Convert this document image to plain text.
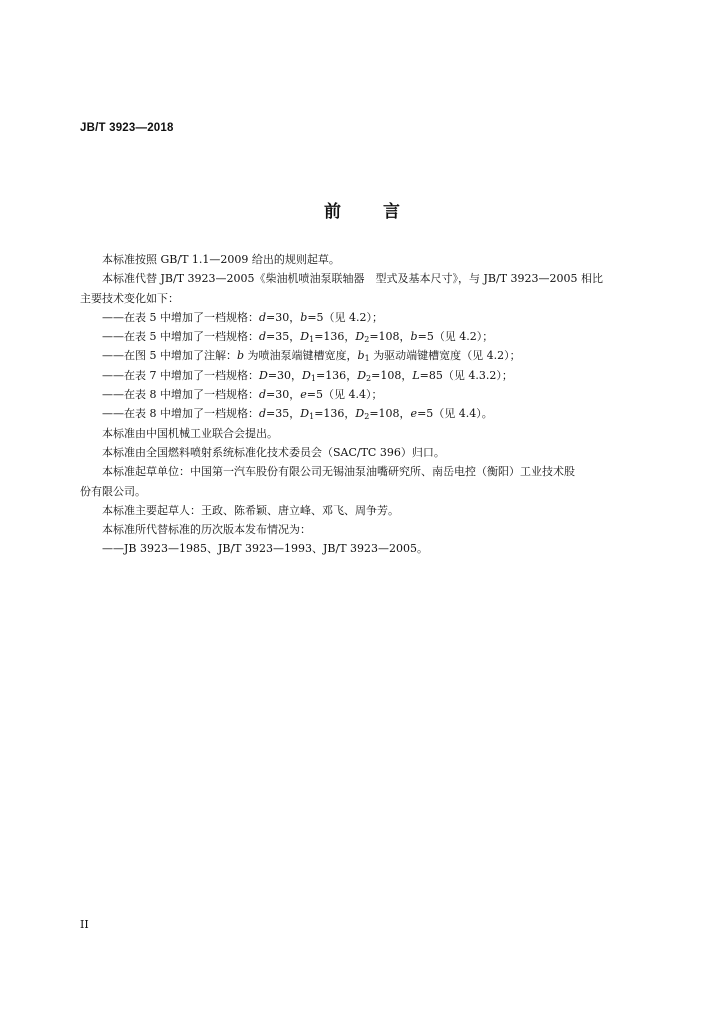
JB/T 3923—2018
前 言
本标准按照 GB/T 1.1—2009 给出的规则起草。
本标准代替 JB/T 3923—2005《柴油机喷油泵联轴器　型式及基本尺寸》，与 JB/T 3923—2005 相比
主要技术变化如下：
——在表 5 中增加了一档规格：d=30，b=5（见 4.2）；
——在表 5 中增加了一档规格：d=35，$D_1=136$，$D_2=108$，b=5（见 4.2）；
——在图 5 中增加了注解：b 为喷油泵端键槽宽度，$b_1$ 为驱动端键槽宽度（见 4.2）；
——在表 7 中增加了一档规格：D=30，$D_1=136$，$D_2=108$，L=85（见 4.3.2）；
——在表 8 中增加了一档规格：d=30，e=5（见 4.4）；
——在表 8 中增加了一档规格：d=35，$D_1=136$，$D_2=108$，e=5（见 4.4）。
本标准由中国机械工业联合会提出。
本标准由全国燃料喷射系统标准化技术委员会（SAC/TC 396）归口。
本标准起草单位：中国第一汽车股份有限公司无锡油泵油嘴研究所、南岳电控（衡阳）工业技术股
份有限公司。
本标准主要起草人：王政、陈希颖、唐立峰、邓飞、周争芳。
本标准所代替标准的历次版本发布情况为：
——JB 3923—1985、JB/T 3923—1993、JB/T 3923—2005。
II
